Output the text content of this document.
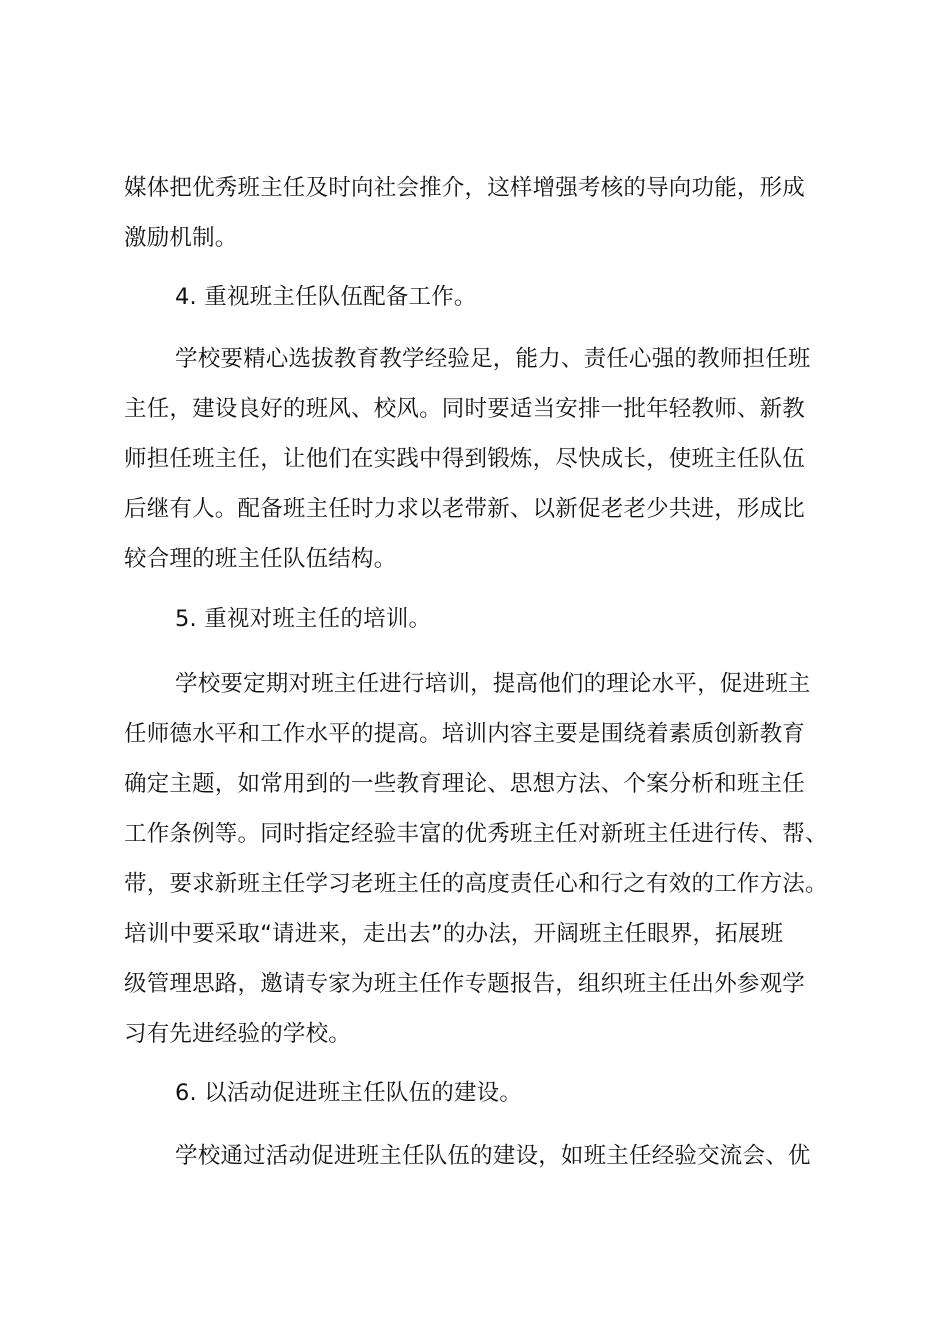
媒体把优秀班主任及时向社会推介，这样增强考核的导向功能，形成

激励机制。

4. 重视班主任队伍配备工作。

学校要精心选拔教育教学经验足，能力、责任心强的教师担任班

主任，建设良好的班风、校风。同时要适当安排一批年轻教师、新教

师担任班主任，让他们在实践中得到锻炼，尽快成长，使班主任队伍

后继有人。配备班主任时力求以老带新、以新促老老少共进，形成比

较合理的班主任队伍结构。

5. 重视对班主任的培训。

学校要定期对班主任进行培训，提高他们的理论水平，促进班主

任师德水平和工作水平的提高。培训内容主要是围绕着素质创新教育

确定主题，如常用到的一些教育理论、思想方法、个案分析和班主任

工作条例等。同时指定经验丰富的优秀班主任对新班主任进行传、帮、

带，要求新班主任学习老班主任的高度责任心和行之有效的工作方法。

培训中要采取“请进来，走出去”的办法，开阔班主任眼界，拓展班

级管理思路，邀请专家为班主任作专题报告，组织班主任出外参观学

习有先进经验的学校。

6. 以活动促进班主任队伍的建设。

学校通过活动促进班主任队伍的建设，如班主任经验交流会、优
